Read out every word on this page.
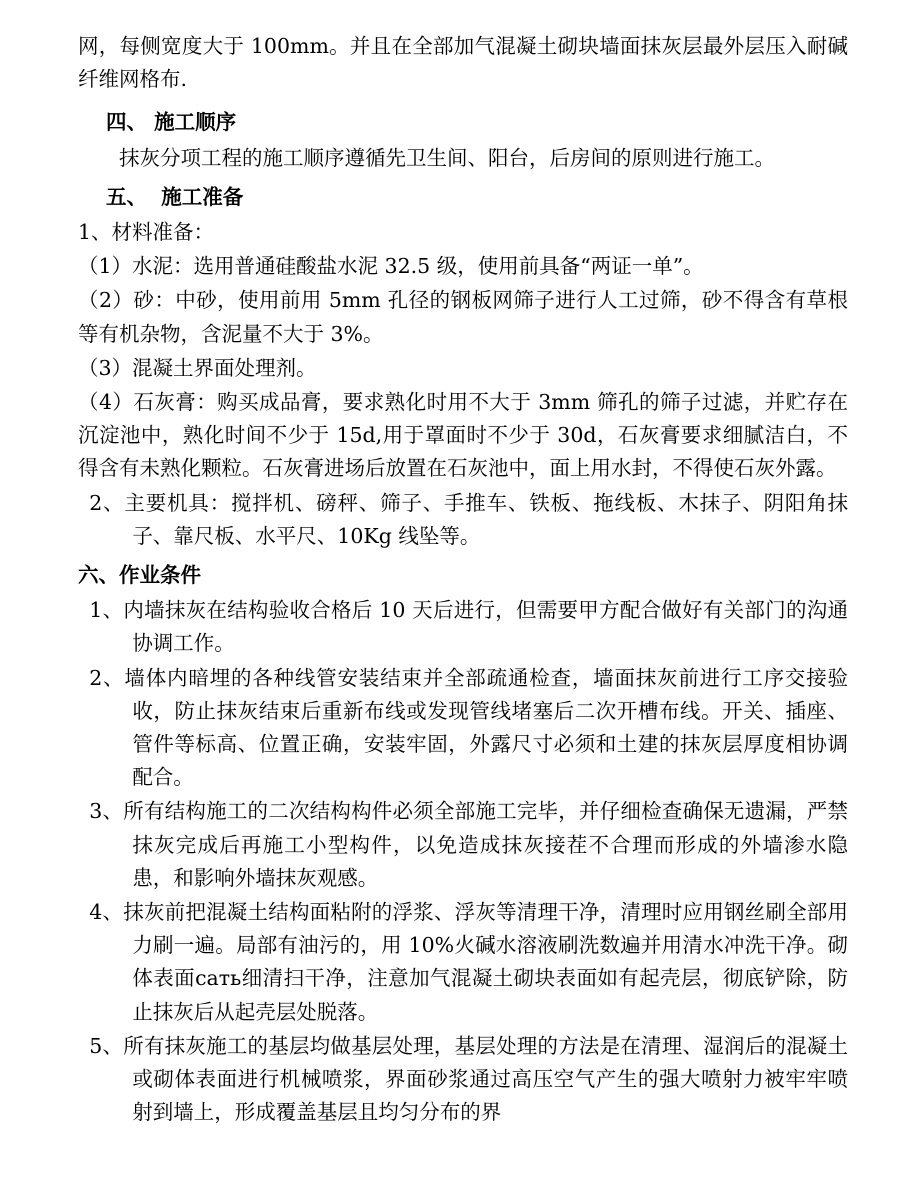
网，每侧宽度大于 100mm。并且在全部加气混凝土砌块墙面抹灰层最外层压入耐碱纤维网格布.

四、 施工顺序

抹灰分项工程的施工顺序遵循先卫生间、阳台，后房间的原则进行施工。

五、  施工准备

1、材料准备：

（1）水泥：选用普通硅酸盐水泥 32.5 级，使用前具备“两证一单”。

（2）砂：中砂，使用前用 5mm 孔径的钢板网筛子进行人工过筛，砂不得含有草根等有机杂物，含泥量不大于 3%。

（3）混凝土界面处理剂。

（4）石灰膏：购买成品膏，要求熟化时用不大于 3mm 筛孔的筛子过滤，并贮存在沉淀池中，熟化时间不少于 15d,用于罩面时不少于 30d，石灰膏要求细腻洁白，不得含有未熟化颗粒。石灰膏进场后放置在石灰池中，面上用水封，不得使石灰外露。

2、主要机具：搅拌机、磅秤、筛子、手推车、铁板、拖线板、木抹子、阴阳角抹子、靠尺板、水平尺、10Kg 线坠等。

六、作业条件

1、内墙抹灰在结构验收合格后 10 天后进行，但需要甲方配合做好有关部门的沟通协调工作。

2、墙体内暗埋的各种线管安装结束并全部疏通检查，墙面抹灰前进行工序交接验收，防止抹灰结束后重新布线或发现管线堵塞后二次开槽布线。开关、插座、管件等标高、位置正确，安装牢固，外露尺寸必须和土建的抹灰层厚度相协调配合。

3、所有结构施工的二次结构构件必须全部施工完毕，并仔细检查确保无遗漏，严禁抹灰完成后再施工小型构件，以免造成抹灰接茬不合理而形成的外墙渗水隐患，和影响外墙抹灰观感。

4、抹灰前把混凝土结构面粘附的浮浆、浮灰等清理干净，清理时应用钢丝刷全部用力刷一遍。局部有油污的，用 10%火碱水溶液刷洗数遍并用清水冲洗干净。砌体表面сать细清扫干净，注意加气混凝土砌块表面如有起壳层，彻底铲除，防止抹灰后从起壳层处脱落。

5、所有抹灰施工的基层均做基层处理，基层处理的方法是在清理、湿润后的混凝土或砌体表面进行机械喷浆，界面砂浆通过高压空气产生的强大喷射力被牢牢喷射到墙上，形成覆盖基层且均匀分布的界
